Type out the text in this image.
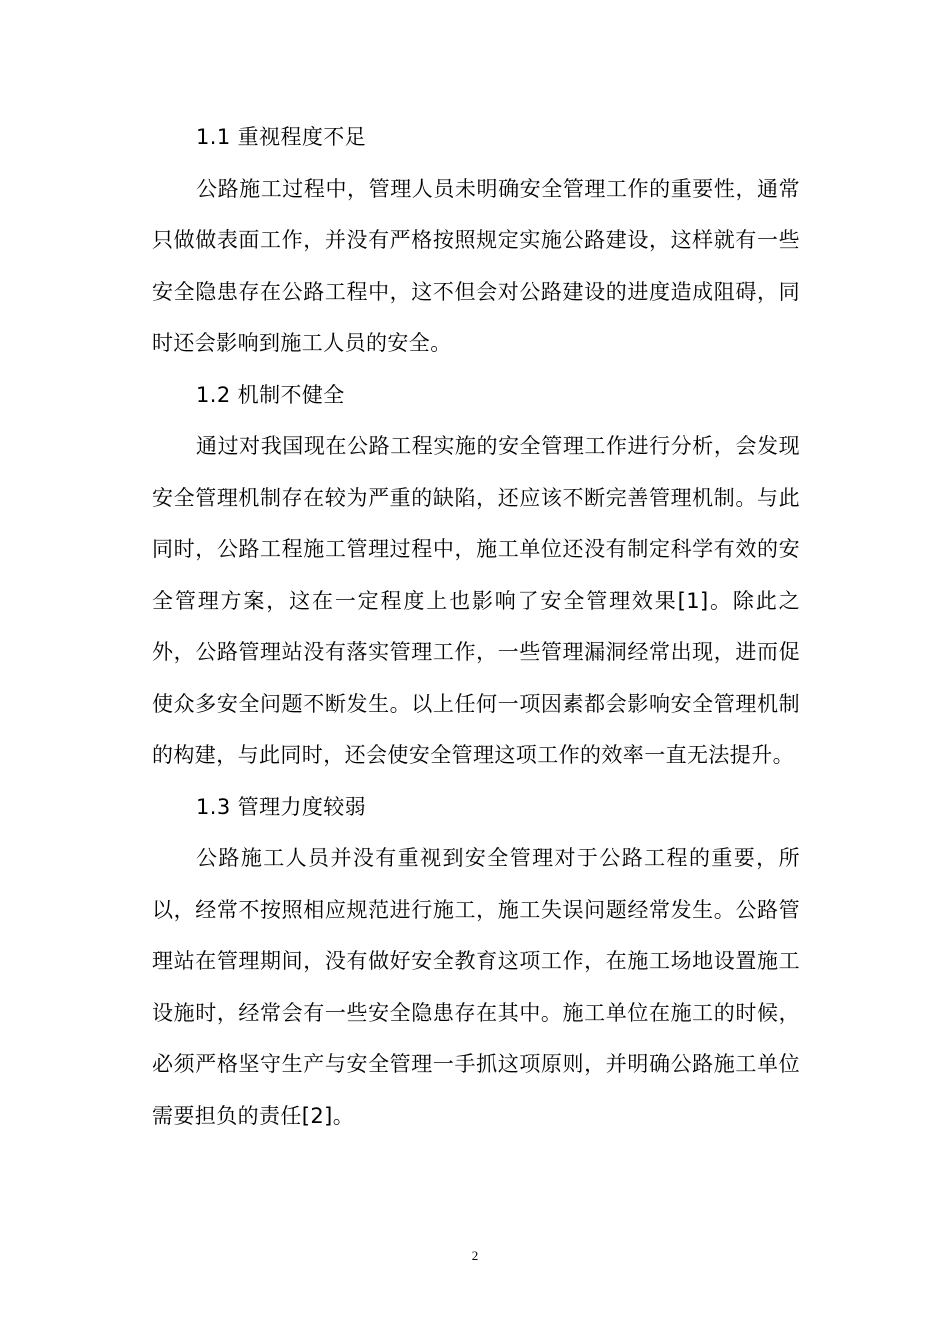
1.1 重视程度不足

公路施工过程中，管理人员未明确安全管理工作的重要性，通常只做做表面工作，并没有严格按照规定实施公路建设，这样就有一些安全隐患存在公路工程中，这不但会对公路建设的进度造成阻碍，同时还会影响到施工人员的安全。

1.2 机制不健全

通过对我国现在公路工程实施的安全管理工作进行分析，会发现安全管理机制存在较为严重的缺陷，还应该不断完善管理机制。与此同时，公路工程施工管理过程中，施工单位还没有制定科学有效的安全管理方案，这在一定程度上也影响了安全管理效果[1]。除此之外，公路管理站没有落实管理工作，一些管理漏洞经常出现，进而促使众多安全问题不断发生。以上任何一项因素都会影响安全管理机制的构建，与此同时，还会使安全管理这项工作的效率一直无法提升。

1.3 管理力度较弱

公路施工人员并没有重视到安全管理对于公路工程的重要，所以，经常不按照相应规范进行施工，施工失误问题经常发生。公路管理站在管理期间，没有做好安全教育这项工作，在施工场地设置施工设施时，经常会有一些安全隐患存在其中。施工单位在施工的时候，必须严格坚守生产与安全管理一手抓这项原则，并明确公路施工单位需要担负的责任[2]。

2
